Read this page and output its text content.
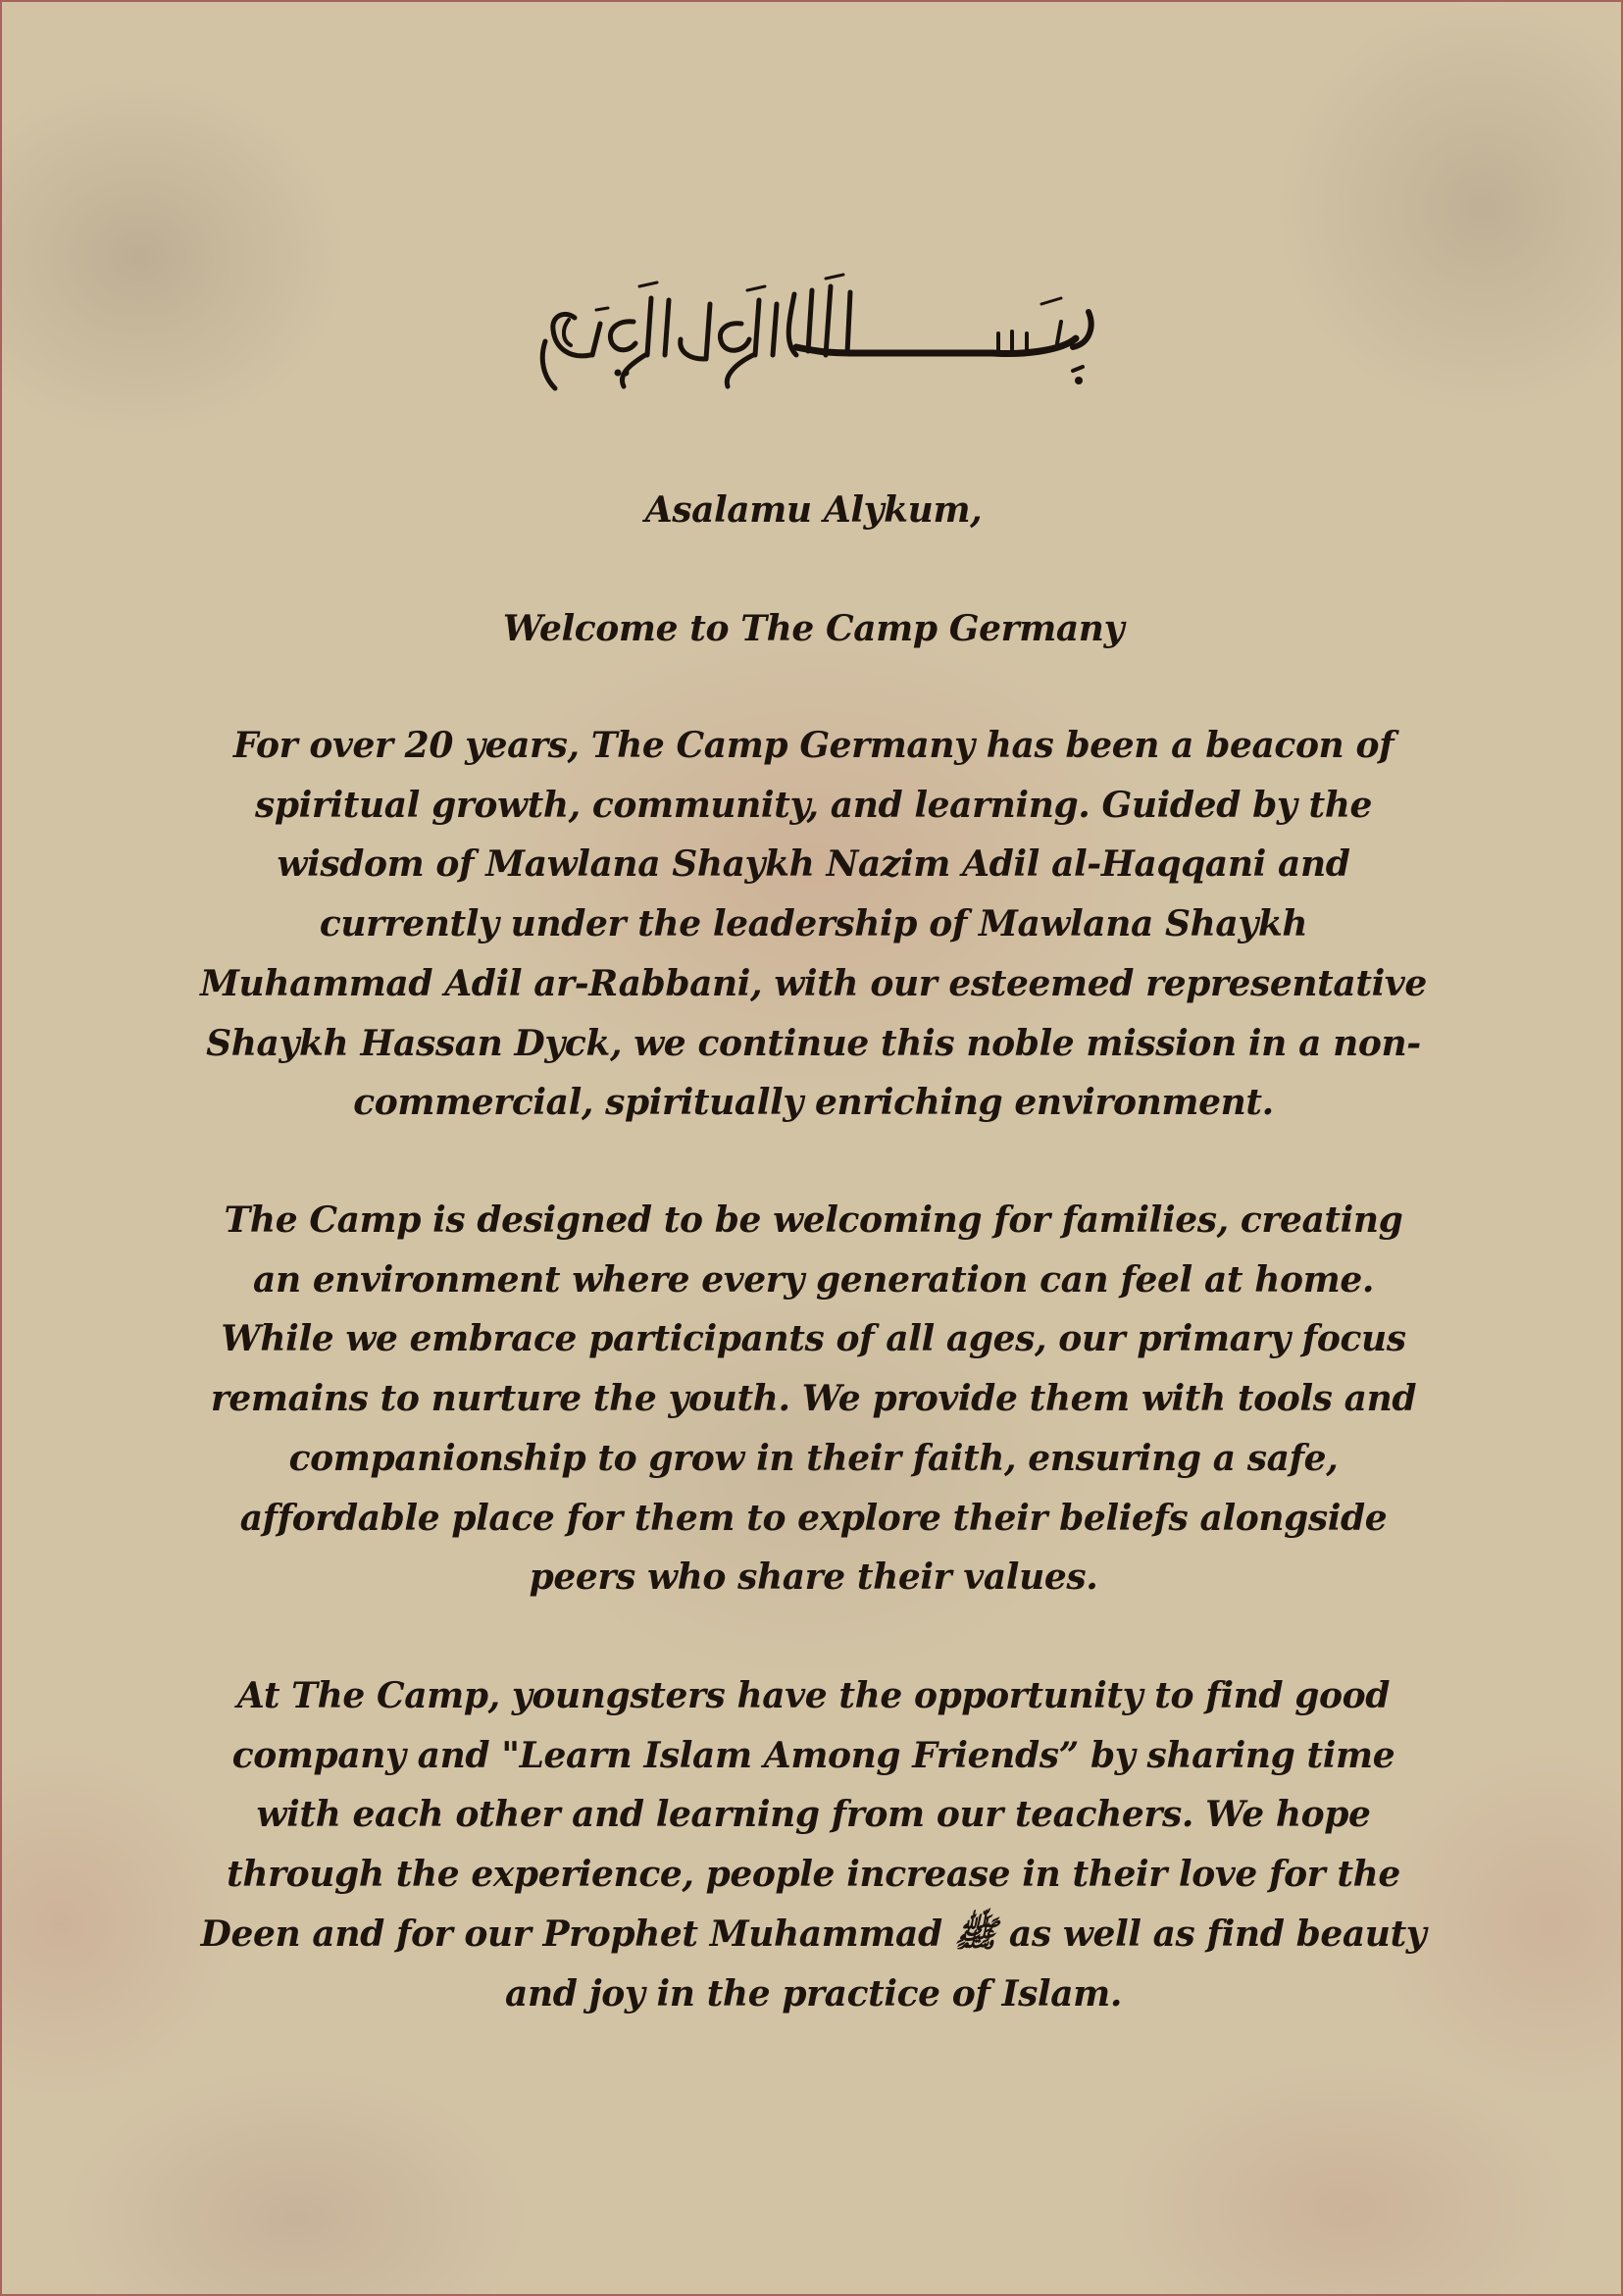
Asalamu Alykum,

Welcome to The Camp Germany

For over 20 years, The Camp Germany has been a beacon of spiritual growth, community, and learning. Guided by the wisdom of Mawlana Shaykh Nazim Adil al-Haqqani and currently under the leadership of Mawlana Shaykh Muhammad Adil ar-Rabbani, with our esteemed representative Shaykh Hassan Dyck, we continue this noble mission in a non-commercial, spiritually enriching environment.

The Camp is designed to be welcoming for families, creating an environment where every generation can feel at home. While we embrace participants of all ages, our primary focus remains to nurture the youth. We provide them with tools and companionship to grow in their faith, ensuring a safe, affordable place for them to explore their beliefs alongside peers who share their values.

At The Camp, youngsters have the opportunity to find good company and "Learn Islam Among Friends” by sharing time with each other and learning from our teachers. We hope through the experience, people increase in their love for the Deen and for our Prophet Muhammad ﷺ as well as find beauty and joy in the practice of Islam.
